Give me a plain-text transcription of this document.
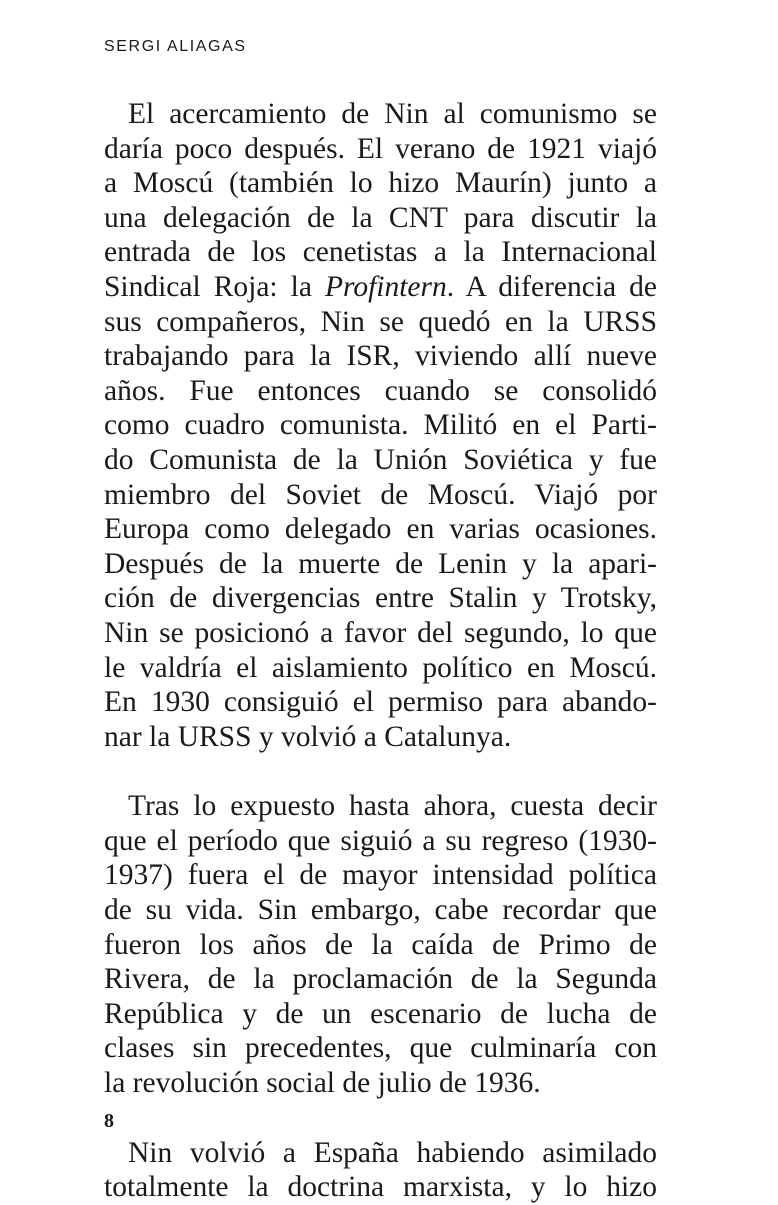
SERGI ALIAGAS
El acercamiento de Nin al comunismo se
daría poco después. El verano de 1921 viajó
a Moscú (también lo hizo Maurín) junto a
una delegación de la CNT para discutir la
entrada de los cenetistas a la Internacional
Sindical Roja: la Profintern. A diferencia de
sus compañeros, Nin se quedó en la URSS
trabajando para la ISR, viviendo allí nueve
años. Fue entonces cuando se consolidó
como cuadro comunista. Militó en el Parti-
do Comunista de la Unión Soviética y fue
miembro del Soviet de Moscú. Viajó por
Europa como delegado en varias ocasiones.
Después de la muerte de Lenin y la apari-
ción de divergencias entre Stalin y Trotsky,
Nin se posicionó a favor del segundo, lo que
le valdría el aislamiento político en Moscú.
En 1930 consiguió el permiso para abando-
nar la URSS y volvió a Catalunya.
Tras lo expuesto hasta ahora, cuesta decir
que el período que siguió a su regreso (1930-
1937) fuera el de mayor intensidad política
de su vida. Sin embargo, cabe recordar que
fueron los años de la caída de Primo de
Rivera, de la proclamación de la Segunda
República y de un escenario de lucha de
clases sin precedentes, que culminaría con
la revolución social de julio de 1936.
Nin volvió a España habiendo asimilado
totalmente la doctrina marxista, y lo hizo
8
